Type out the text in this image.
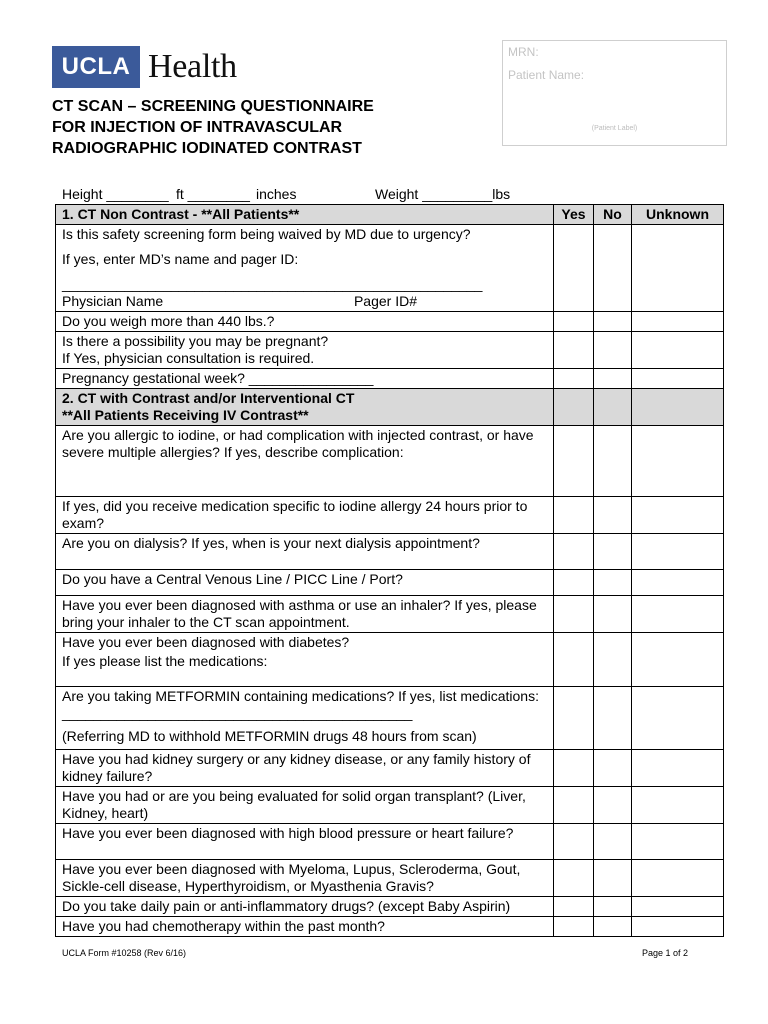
UCLA Health	MRN:
Patient Name:
(Patient Label)
CT SCAN – SCREENING QUESTIONNAIRE
FOR INJECTION OF INTRAVASCULAR
RADIOGRAPHIC IODINATED CONTRAST
Height ________ ft ________ inches	Weight _________lbs
1. CT Non Contrast - **All Patients**	Yes	No	Unknown
Is this safety screening form being waived by MD due to urgency?
If yes, enter MD’s name and pager ID:
______________________________________________________
Physician Name Pager ID#			

Do you weigh more than 440 lbs.?			

Is there a possibility you may be pregnant?
If Yes, physician consultation is required.			

Pregnancy gestational week? ________________			

2. CT with Contrast and/or Interventional CT
**All Patients Receiving IV Contrast**			

Are you allergic to iodine, or had complication with injected contrast, or have severe multiple allergies? If yes, describe complication:			
If yes, did you receive medication specific to iodine allergy 24 hours prior to exam?			
Are you on dialysis? If yes, when is your next dialysis appointment?			
Do you have a Central Venous Line / PICC Line / Port?			
Have you ever been diagnosed with asthma or use an inhaler? If yes, please bring your inhaler to the CT scan appointment.			

Have you ever been diagnosed with diabetes?
If yes please list the medications:			

Are you taking METFORMIN containing medications? If yes, list medications: _____________________________________________
(Referring MD to withhold METFORMIN drugs 48 hours from scan)			

Have you had kidney surgery or any kidney disease, or any family history of kidney failure?			
Have you had or are you being evaluated for solid organ transplant? (Liver, Kidney, heart)			
Have you ever been diagnosed with high blood pressure or heart failure?			
Have you ever been diagnosed with Myeloma, Lupus, Scleroderma, Gout, Sickle-cell disease, Hyperthyroidism, or Myasthenia Gravis?			
Do you take daily pain or anti-inflammatory drugs? (except Baby Aspirin)			
Have you had chemotherapy within the past month?			
UCLA Form #10258 (Rev 6/16)	Page 1 of 2
